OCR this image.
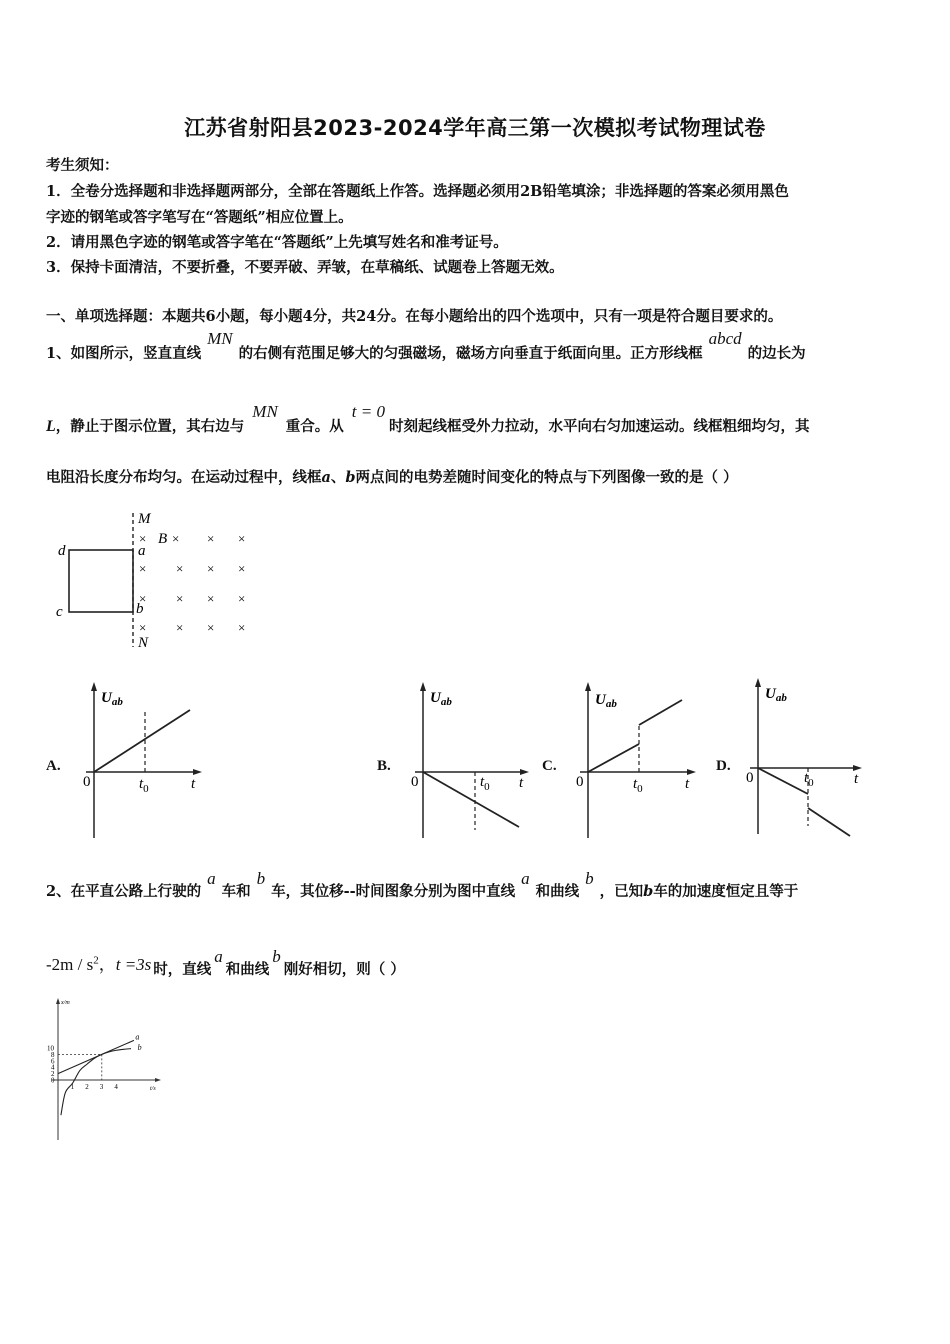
江苏省射阳县2023-2024学年高三第一次模拟考试物理试卷
考生须知：
1．全卷分选择题和非选择题两部分，全部在答题纸上作答。选择题必须用2B铅笔填涂；非选择题的答案必须用黑色
字迹的钢笔或答字笔写在“答题纸”相应位置上。
2．请用黑色字迹的钢笔或答字笔在“答题纸”上先填写姓名和准考证号。
3．保持卡面清洁，不要折叠，不要弄破、弄皱，在草稿纸、试题卷上答题无效。
一、单项选择题：本题共6小题，每小题4分，共24分。在每小题给出的四个选项中，只有一项是符合题目要求的。
1、如图所示，竖直直线MN的右侧有范围足够大的匀强磁场，磁场方向垂直于纸面向里。正方形线框abcd的边长为
L，静止于图示位置，其右边与MN重合。从t = 0时刻起线框受外力拉动，水平向右匀加速运动。线框粗细均匀，其
电阻沿长度分布均匀。在运动过程中，线框a、b两点间的电势差随时间变化的特点与下列图像一致的是（ ）
M
N
d
c
a
b
B × × ×
× × × ×
× × × ×
× × × ×
×
A.	B.	C.	D.
$U_{ab}$
0	$t_0$	t
$U_{ab}$
0	$t_0$ t
$U_{ab}$
0	$t_0$	t
$U_{ab}$
0	$t_0$	t
2、在平直公路上行驶的a车和b车，其位移--时间图象分别为图中直线a和曲线b，已知b车的加速度恒定且等于
$-2m / s^2$，t =3s 时，直线a和曲线b刚好相切，则（ ）
1 2 3 4
10
8
6
4
2
0
a
b
x/m
t/s
